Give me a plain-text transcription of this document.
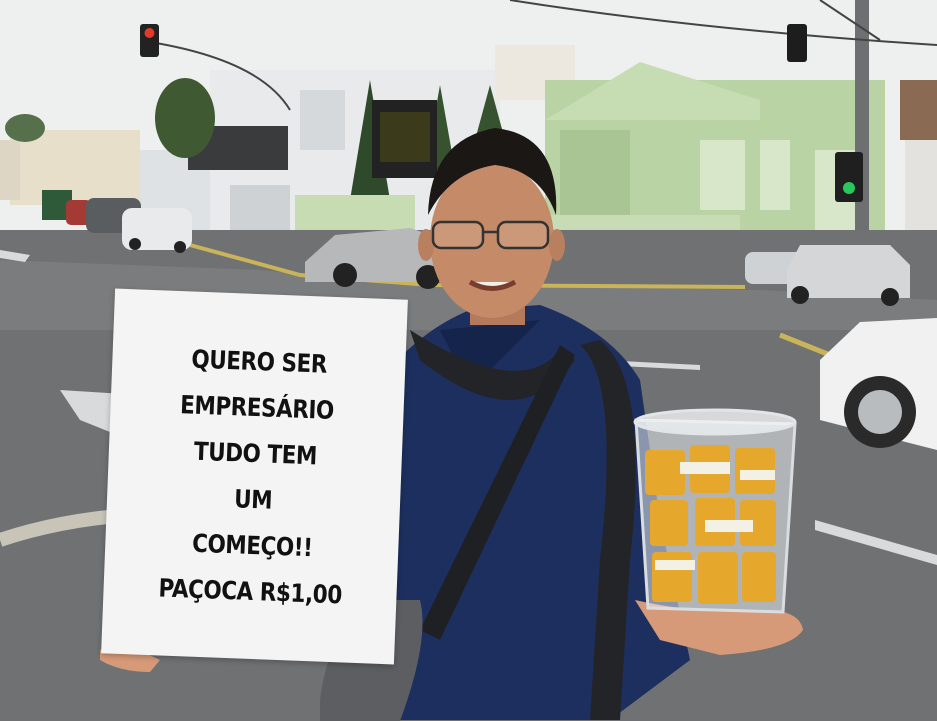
QUERO SER
EMPRESÁRIO
TUDO TEM
UM
COMEÇO!!
PAÇOCA R$1,00
